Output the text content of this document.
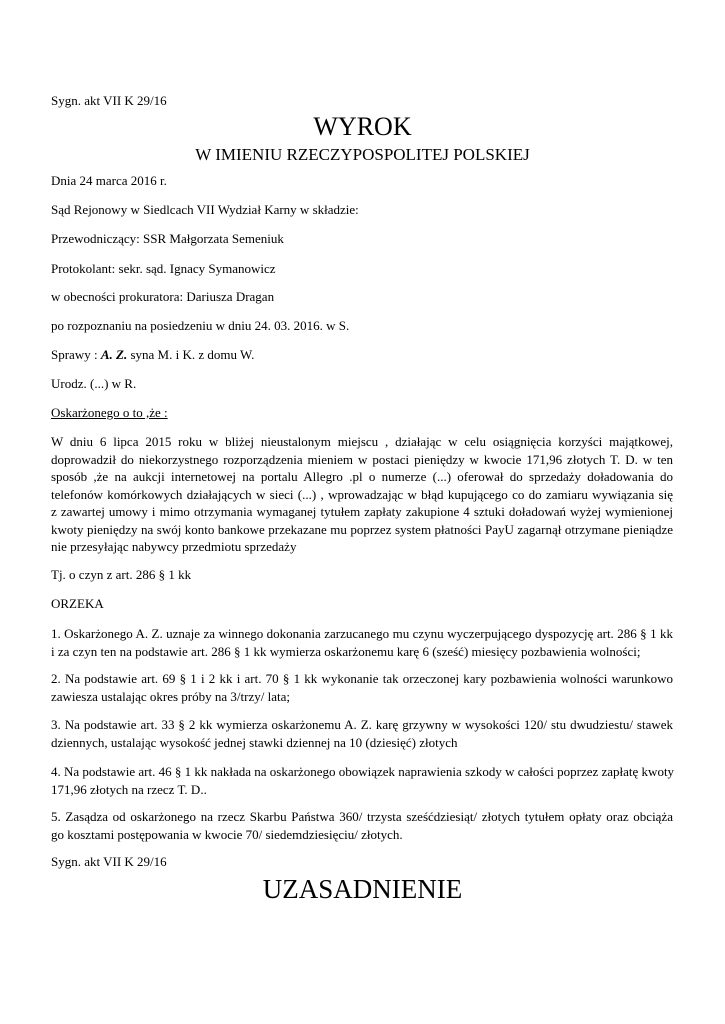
Sygn. akt VII K 29/16

WYROK
W IMIENIU RZECZYPOSPOLITEJ POLSKIEJ

Dnia 24 marca 2016 r.

Sąd Rejonowy w Siedlcach VII Wydział Karny w składzie:

Przewodniczący: SSR Małgorzata Semeniuk

Protokolant: sekr. sąd. Ignacy Symanowicz

w obecności prokuratora: Dariusza Dragan

po rozpoznaniu na posiedzeniu w dniu 24. 03. 2016. w S.

Sprawy : A. Z. syna M. i K. z domu W.

Urodz. (...) w R.

Oskarżonego o to ,że :

W dniu 6 lipca 2015 roku w bliżej nieustalonym miejscu , działając w celu osiągnięcia korzyści majątkowej,
doprowadził do niekorzystnego rozporządzenia mieniem w postaci pieniędzy w kwocie 171,96 złotych T. D. w ten
sposób ,że na aukcji internetowej na portalu Allegro .pl o numerze (...) oferował do sprzedaży doładowania do
telefonów komórkowych działających w sieci (...) , wprowadzając w błąd kupującego co do zamiaru wywiązania się
z zawartej umowy i mimo otrzymania wymaganej tytułem zapłaty zakupione 4 sztuki doładowań wyżej wymienionej
kwoty pieniędzy na swój konto bankowe przekazane mu poprzez system płatności PayU zagarnął otrzymane pieniądze
nie przesyłając nabywcy przedmiotu sprzedaży

Tj. o czyn z art. 286 § 1 kk

ORZEKA

1. Oskarżonego A. Z. uznaje za winnego dokonania zarzucanego mu czynu wyczerpującego dyspozycję art. 286 § 1 kk
i za czyn ten na podstawie art. 286 § 1 kk wymierza oskarżonemu karę 6 (sześć) miesięcy pozbawienia wolności;
2. Na podstawie art. 69 § 1 i 2 kk i art. 70 § 1 kk wykonanie tak orzeczonej kary pozbawienia wolności warunkowo
zawiesza ustalając okres próby na 3/trzy/ lata;
3. Na podstawie art. 33 § 2 kk wymierza oskarżonemu A. Z. karę grzywny w wysokości 120/ stu dwudziestu/ stawek
dziennych, ustalając wysokość jednej stawki dziennej na 10 (dziesięć) złotych
4. Na podstawie art. 46 § 1 kk nakłada na oskarżonego obowiązek naprawienia szkody w całości poprzez zapłatę kwoty
171,96 złotych na rzecz T. D..
5. Zasądza od oskarżonego na rzecz Skarbu Państwa 360/ trzysta sześćdziesiąt/ złotych tytułem opłaty oraz obciąża
go kosztami postępowania w kwocie 70/ siedemdziesięciu/ złotych.

Sygn. akt VII K 29/16

UZASADNIENIE
